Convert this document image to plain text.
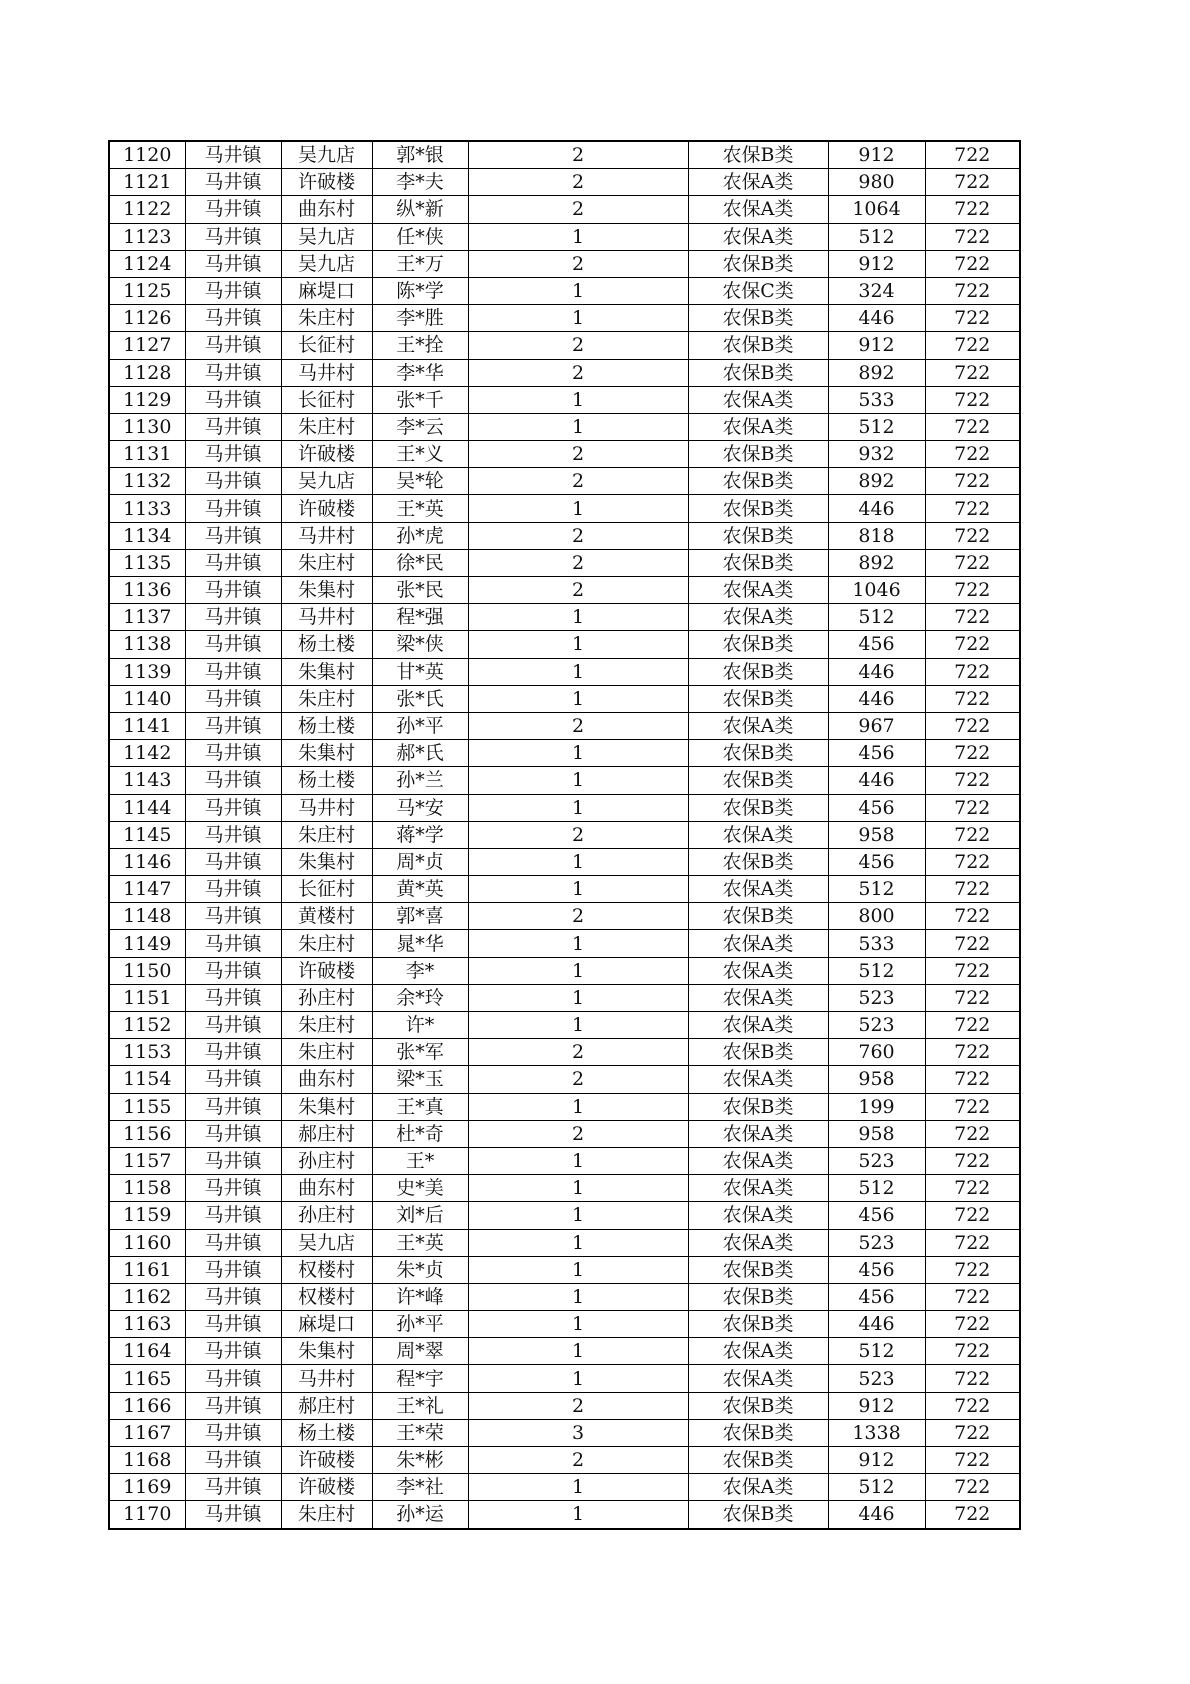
1120	马井镇	吴九店	郭*银	2	农保B类	912	722
1121	马井镇	许破楼	李*夫	2	农保A类	980	722
1122	马井镇	曲东村	纵*新	2	农保A类	1064	722
1123	马井镇	吴九店	任*侠	1	农保A类	512	722
1124	马井镇	吴九店	王*万	2	农保B类	912	722
1125	马井镇	麻堤口	陈*学	1	农保C类	324	722
1126	马井镇	朱庄村	李*胜	1	农保B类	446	722
1127	马井镇	长征村	王*拴	2	农保B类	912	722
1128	马井镇	马井村	李*华	2	农保B类	892	722
1129	马井镇	长征村	张*千	1	农保A类	533	722
1130	马井镇	朱庄村	李*云	1	农保A类	512	722
1131	马井镇	许破楼	王*义	2	农保B类	932	722
1132	马井镇	吴九店	吴*轮	2	农保B类	892	722
1133	马井镇	许破楼	王*英	1	农保B类	446	722
1134	马井镇	马井村	孙*虎	2	农保B类	818	722
1135	马井镇	朱庄村	徐*民	2	农保B类	892	722
1136	马井镇	朱集村	张*民	2	农保A类	1046	722
1137	马井镇	马井村	程*强	1	农保A类	512	722
1138	马井镇	杨土楼	梁*侠	1	农保B类	456	722
1139	马井镇	朱集村	甘*英	1	农保B类	446	722
1140	马井镇	朱庄村	张*氏	1	农保B类	446	722
1141	马井镇	杨土楼	孙*平	2	农保A类	967	722
1142	马井镇	朱集村	郝*氏	1	农保B类	456	722
1143	马井镇	杨土楼	孙*兰	1	农保B类	446	722
1144	马井镇	马井村	马*安	1	农保B类	456	722
1145	马井镇	朱庄村	蒋*学	2	农保A类	958	722
1146	马井镇	朱集村	周*贞	1	农保B类	456	722
1147	马井镇	长征村	黄*英	1	农保A类	512	722
1148	马井镇	黄楼村	郭*喜	2	农保B类	800	722
1149	马井镇	朱庄村	晁*华	1	农保A类	533	722
1150	马井镇	许破楼	李*	1	农保A类	512	722
1151	马井镇	孙庄村	余*玲	1	农保A类	523	722
1152	马井镇	朱庄村	许*	1	农保A类	523	722
1153	马井镇	朱庄村	张*军	2	农保B类	760	722
1154	马井镇	曲东村	梁*玉	2	农保A类	958	722
1155	马井镇	朱集村	王*真	1	农保B类	199	722
1156	马井镇	郝庄村	杜*奇	2	农保A类	958	722
1157	马井镇	孙庄村	王*	1	农保A类	523	722
1158	马井镇	曲东村	史*美	1	农保A类	512	722
1159	马井镇	孙庄村	刘*后	1	农保A类	456	722
1160	马井镇	吴九店	王*英	1	农保A类	523	722
1161	马井镇	权楼村	朱*贞	1	农保B类	456	722
1162	马井镇	权楼村	许*峰	1	农保B类	456	722
1163	马井镇	麻堤口	孙*平	1	农保B类	446	722
1164	马井镇	朱集村	周*翠	1	农保A类	512	722
1165	马井镇	马井村	程*宇	1	农保A类	523	722
1166	马井镇	郝庄村	王*礼	2	农保B类	912	722
1167	马井镇	杨土楼	王*荣	3	农保B类	1338	722
1168	马井镇	许破楼	朱*彬	2	农保B类	912	722
1169	马井镇	许破楼	李*社	1	农保A类	512	722
1170	马井镇	朱庄村	孙*运	1	农保B类	446	722
